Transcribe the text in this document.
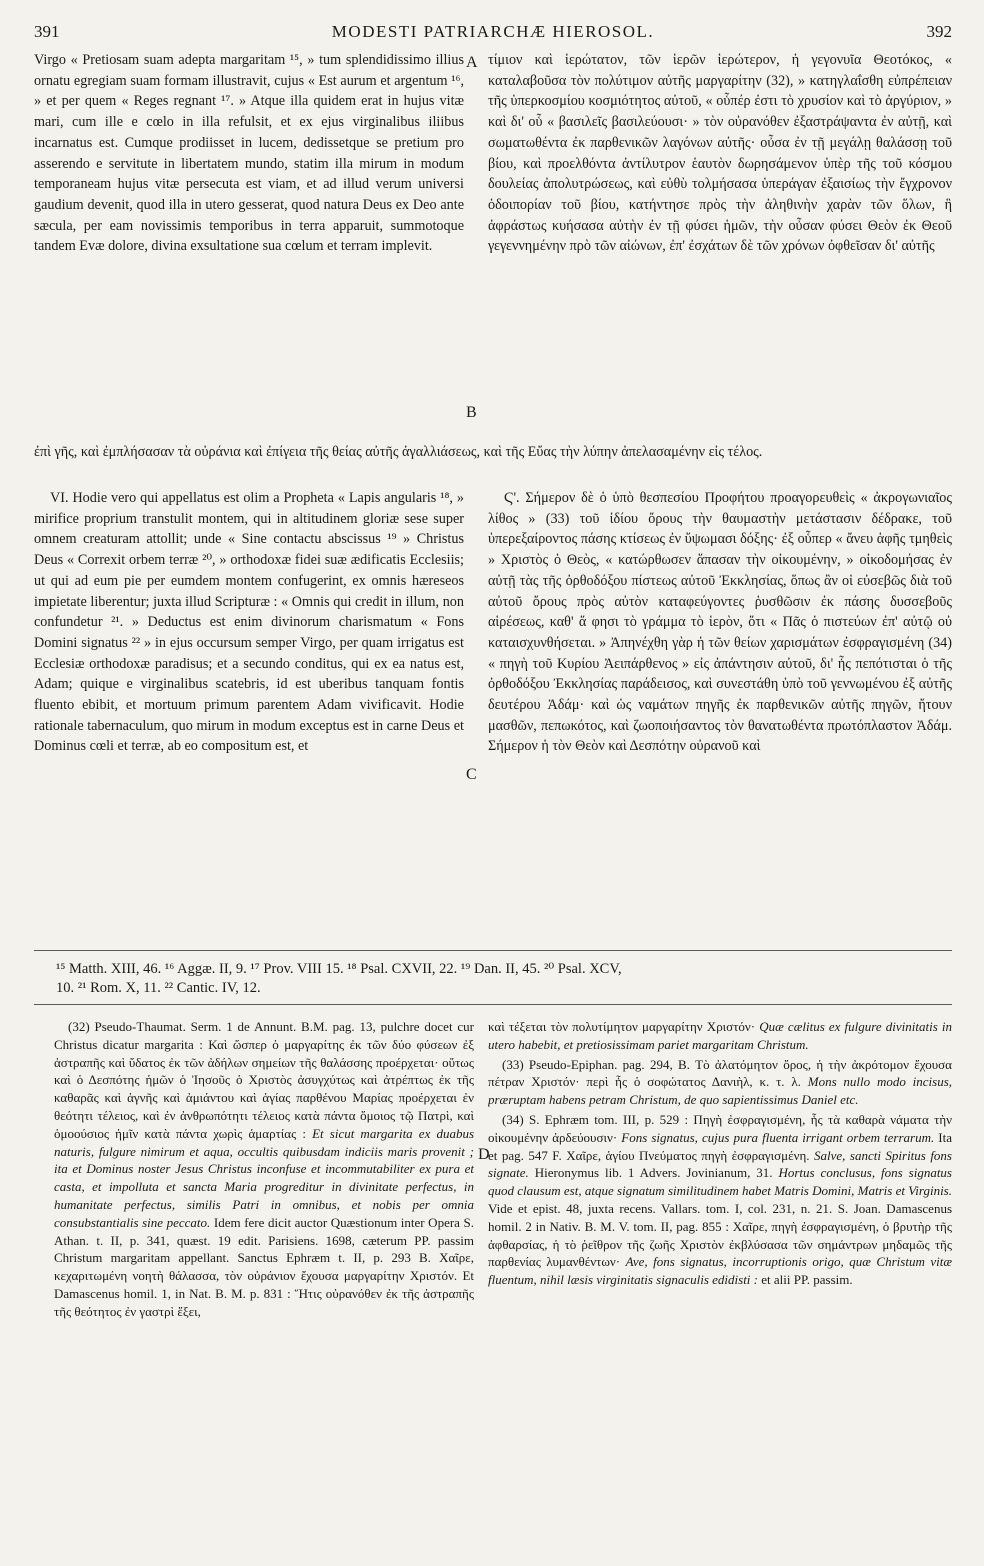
391	MODESTI PATRIARCHÆ HIEROSOL.	392

Virgo « Pretiosam suam adepta margaritam ¹⁵, » tum splendidissimo illius ornatu egregiam suam formam illustravit, cujus « Est aurum et argentum ¹⁶, » et per quem « Reges regnant ¹⁷. » Atque illa quidem erat in hujus vitæ mari, cum ille e cœlo in illa refulsit, et ex ejus virginalibus iliibus incarnatus est. Cumque prodiisset in lucem, dedissetque se pretium pro asserendo e servitute in libertatem mundo, statim illa mirum in modum temporaneam hujus vitæ persecuta est viam, et ad illud verum universi gaudium devenit, quod illa in utero gesserat, quod natura Deus ex Deo ante sæcula, per eam novissimis temporibus in terra apparuit, summotoque tandem Evæ dolore, divina exsultatione sua cœlum et terram implevit.

A
B

τίμιον καὶ ἱερώτατον, τῶν ἱερῶν ἱερώτερον, ἡ γεγονυῖα Θεοτόκος, « καταλαβοῦσα τὸν πολύτιμον αὐτῆς μαργαρίτην (32), » κατηγλαΐσθη εὐπρέπειαν τῆς ὑπερκοσμίου κοσμιότητος αὐτοῦ, « οὗπέρ ἐστι τὸ χρυσίον καὶ τὸ ἀργύριον, » καὶ δι' οὗ « βασιλεῖς βασιλεύουσι· » τὸν οὐρανόθεν ἐξαστράψαντα ἐν αὐτῇ, καὶ σωματωθέντα ἐκ παρθενικῶν λαγόνων αὐτῆς· οὖσα ἐν τῇ μεγάλῃ θαλάσσῃ τοῦ βίου, καὶ προελθόντα ἀντίλυτρον ἑαυτὸν δωρησάμενον ὑπὲρ τῆς τοῦ κόσμου δουλείας ἀπολυτρώσεως, καὶ εὐθὺ τολμήσασα ὑπεράγαν ἐξαισίως τὴν ἔγχρονον ὁδοιπορίαν τοῦ βίου, κατήντησε πρὸς τὴν ἀληθινὴν χαρὰν τῶν ὅλων, ἣ ἀφράστως κυήσασα αὐτὴν ἐν τῇ φύσει ἡμῶν, τὴν οὖσαν φύσει Θεὸν ἐκ Θεοῦ γεγεννημένην πρὸ τῶν αἰώνων, ἐπ' ἐσχάτων δὲ τῶν χρόνων ὀφθεῖσαν δι' αὐτῆς

ἐπὶ γῆς, καὶ ἐμπλήσασαν τὰ οὐράνια καὶ ἐπίγεια τῆς θείας αὐτῆς ἀγαλλιάσεως, καὶ τῆς Εὔας τὴν λύπην ἀπελασαμένην εἰς τέλος.

VI. Hodie vero qui appellatus est olim a Propheta « Lapis angularis ¹⁸, » mirifice proprium transtulit montem, qui in altitudinem gloriæ sese super omnem creaturam attollit; unde « Sine contactu abscissus ¹⁹ » Christus Deus « Correxit orbem terræ ²⁰, » orthodoxæ fidei suæ ædificatis Ecclesiis; ut qui ad eum pie per eumdem montem confugerint, ex omnis hæreseos impietate liberentur; juxta illud Scripturæ : « Omnis qui credit in illum, non confundetur ²¹. » Deductus est enim divinorum charismatum « Fons Domini signatus ²² » in ejus occursum semper Virgo, per quam irrigatus est Ecclesiæ orthodoxæ paradisus; et a secundo conditus, qui ex ea natus est, Adam; quique e virginalibus scatebris, id est uberibus tanquam fontis fluento ebibit, et mortuum primum parentem Adam vivificavit. Hodie rationale tabernaculum, quo mirum in modum exceptus est in carne Deus et Dominus cœli et terræ, ab eo compositum est, et

C

Ϛ'. Σήμερον δὲ ὁ ὑπὸ θεσπεσίου Προφήτου προαγορευθεὶς « ἀκρογωνιαῖος λίθος » (33) τοῦ ἰδίου ὄρους τὴν θαυμαστὴν μετάστασιν δέδρακε, τοῦ ὑπερεξαίροντος πάσης κτίσεως ἐν ὕψωμασι δόξης· ἐξ οὗπερ « ἄνευ ἁφῆς τμηθεὶς » Χριστὸς ὁ Θεὸς, « κατώρθωσεν ἅπασαν τὴν οἰκουμένην, » οἰκοδομήσας ἐν αὐτῇ τὰς τῆς ὀρθοδόξου πίστεως αὐτοῦ Ἐκκλησίας, ὅπως ἂν οἱ εὐσεβῶς διὰ τοῦ αὐτοῦ ὄρους πρὸς αὐτὸν καταφεύγοντες ῥυσθῶσιν ἐκ πάσης δυσσεβοῦς αἱρέσεως, καθ' ἅ φησι τὸ γράμμα τὸ ἱερὸν, ὅτι « Πᾶς ὁ πιστεύων ἐπ' αὐτῷ οὐ καταισχυνθήσεται. » Ἀπηνέχθη γὰρ ἡ τῶν θείων χαρισμάτων ἐσφραγισμένη (34) « πηγὴ τοῦ Κυρίου Ἀειπάρθενος » εἰς ἀπάντησιν αὐτοῦ, δι' ἧς πεπότισται ὁ τῆς ὀρθοδόξου Ἐκκλησίας παράδεισος, καὶ συνεστάθη ὑπὸ τοῦ γεννωμένου ἐξ αὐτῆς δευτέρου Ἀδάμ· καὶ ὡς ναμάτων πηγῆς ἐκ παρθενικῶν αὐτῆς πηγῶν, ἤτουν μασθῶν, πεπωκότος, καὶ ζωοποιήσαντος τὸν θανατωθέντα πρωτόπλαστον Ἀδάμ. Σήμερον ἡ τὸν Θεὸν καὶ Δεσπότην οὐρανοῦ καὶ

¹⁵ Matth. XIII, 46. ¹⁶ Aggæ. II, 9. ¹⁷ Prov. VIII 15. ¹⁸ Psal. CXVII, 22. ¹⁹ Dan. II, 45. ²⁰ Psal. XCV,
10. ²¹ Rom. X, 11. ²² Cantic. IV, 12.

(32) Pseudo-Thaumat. Serm. 1 de Annunt. B.M. pag. 13, pulchre docet cur Christus dicatur margarita : Καὶ ὥσπερ ὁ μαργαρίτης ἐκ τῶν δύο φύσεων ἐξ ἀστραπῆς καὶ ὕδατος ἐκ τῶν ἀδήλων σημείων τῆς θαλάσσης προέρχεται· οὕτως καὶ ὁ Δεσπότης ἡμῶν ὁ Ἰησοῦς ὁ Χριστὸς ἀσυγχύτως καὶ ἀτρέπτως ἐκ τῆς καθαρᾶς καὶ ἁγνῆς καὶ ἀμιάντου καὶ ἁγίας παρθένου Μαρίας προέρχεται ἐν θεότητι τέλειος, καὶ ἐν ἀνθρωπότητι τέλειος κατὰ πάντα ὅμοιος τῷ Πατρὶ, καὶ ὁμοούσιος ἡμῖν κατὰ πάντα χωρὶς ἁμαρτίας : Et sicut margarita ex duabus naturis, fulgure nimirum et aqua, occultis quibusdam indiciis maris provenit ; ita et Dominus noster Jesus Christus inconfuse et incommutabiliter ex pura et casta, et impolluta et sancta Maria progreditur in divinitate perfectus, in humanitate perfectus, similis Patri in omnibus, et nobis per omnia consubstantialis sine peccato. Idem fere dicit auctor Quæstionum inter Opera S. Athan. t. II, p. 341, quæst. 19 edit. Parisiens. 1698, cæterum PP. passim Christum margaritam appellant. Sanctus Ephræm t. II, p. 293 B. Χαῖρε, κεχαριτωμένη νοητὴ θάλασσα, τὸν οὐράνιον ἔχουσα μαργαρίτην Χριστόν. Et Damascenus homil. 1, in Nat. B. M. p. 831 : Ἥτις οὐρανόθεν ἐκ τῆς ἀστραπῆς τῆς θεότητος ἐν γαστρὶ ἕξει,

D

καὶ τέξεται τὸν πολυτίμητον μαργαρίτην Χριστόν· Quæ cælitus ex fulgure divinitatis in utero habebit, et pretiosissimam pariet margaritam Christum.

(33) Pseudo-Epiphan. pag. 294, B. Τὸ ἀλατόμητον ὄρος, ἡ τὴν ἀκρότομον ἔχουσα πέτραν Χριστόν· περὶ ἧς ὁ σοφώτατος Δανιὴλ, κ. τ. λ. Mons nullo modo incisus, præruptam habens petram Christum, de quo sapientissimus Daniel etc.

(34) S. Ephræm tom. III, p. 529 : Πηγὴ ἐσφραγισμένη, ἧς τὰ καθαρὰ νάματα τὴν οἰκουμένην ἀρδεύουσιν· Fons signatus, cujus pura fluenta irrigant orbem terrarum. Ita et pag. 547 F. Χαῖρε, ἁγίου Πνεύματος πηγὴ ἐσφραγισμένη. Salve, sancti Spiritus fons signate. Hieronymus lib. 1 Advers. Jovinianum, 31. Hortus conclusus, fons signatus quod clausum est, atque signatum similitudinem habet Matris Domini, Matris et Virginis. Vide et epist. 48, juxta recens. Vallars. tom. I, col. 231, n. 21. S. Joan. Damascenus homil. 2 in Nativ. B. M. V. tom. II, pag. 855 : Χαῖρε, πηγὴ ἐσφραγισμένη, ὁ βρυτὴρ τῆς ἀφθαρσίας, ἡ τὸ ῥεῖθρον τῆς ζωῆς Χριστὸν ἐκβλύσασα τῶν σημάντρων μηδαμῶς τῆς παρθενίας λυμανθέντων· Ave, fons signatus, incorruptionis origo, quæ Christum vitæ fluentum, nihil læsis virginitatis signaculis edidisti : et alii PP. passim.
